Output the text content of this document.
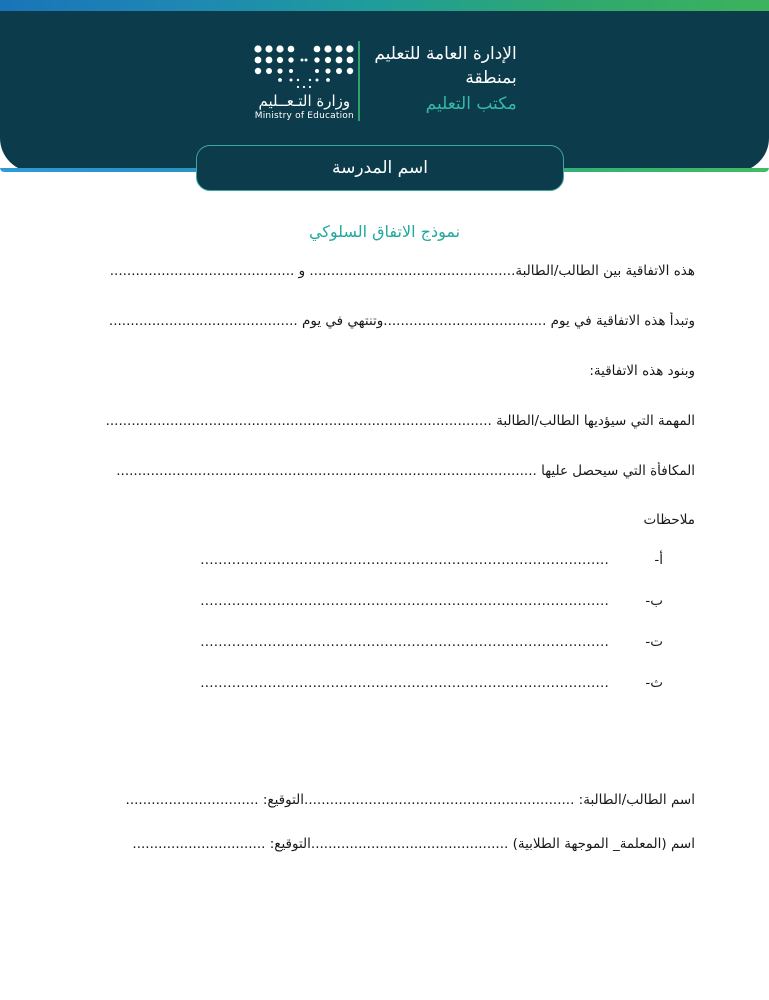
الإدارة العامة للتعليم
بمنطقة
مكتب التعليم
وزارة التـعــليم
Ministry of Education
اسم المدرسة
نموذج الاتفاق السلوكي
هذه الاتفاقية بين الطالب/الطالبة................................................ و ...........................................
وتبدأ هذه الاتفاقية في يوم ......................................وتنتهي في يوم ............................................
وبنود هذه الاتفاقية:
المهمة التي سيؤديها الطالب/الطالبة ..........................................................................................
المكافأة التي سيحصل عليها ..................................................................................................
ملاحظات
أ-
...........................................................................................
ب-
...........................................................................................
ت-
...........................................................................................
ث-
...........................................................................................
اسم الطالب/الطالبة: ...............................................................التوقيع: ...............................
اسم (المعلمة_ الموجهة الطلابية) ..............................................التوقيع: ...............................
